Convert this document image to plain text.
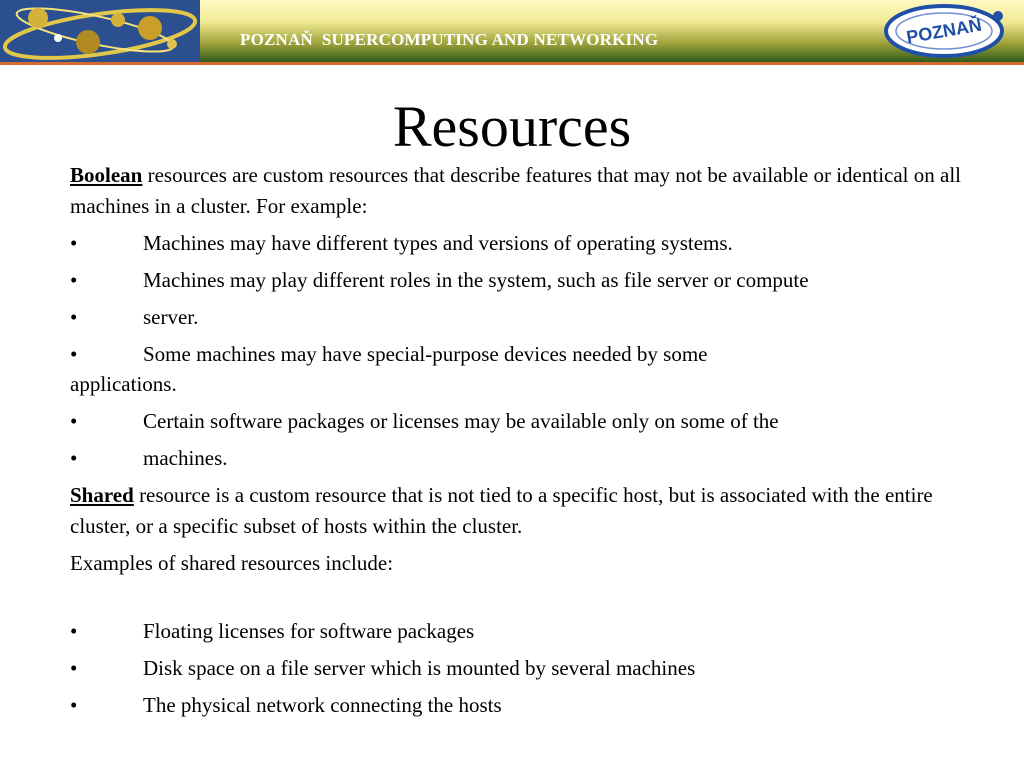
POZNAŇ  SUPERCOMPUTING AND NETWORKING	POZNAŇ
Resources

Boolean resources are custom resources that describe features that may not be available or identical on all machines in a cluster. For example:

•	Machines may have different types and versions of operating systems.
•	Machines may play different roles in the system, such as file server or compute
•	server.
•	Some machines may have special-purpose devices needed by some
applications.
•	Certain software packages or licenses may be available only on some of the
•	machines.

Shared resource is a custom resource that is not tied to a specific host, but is associated with the entire cluster, or a specific subset of hosts within the cluster.

Examples of shared resources include:

•	Floating licenses for software packages
•	Disk space on a file server which is mounted by several machines
•	The physical network connecting the hosts
